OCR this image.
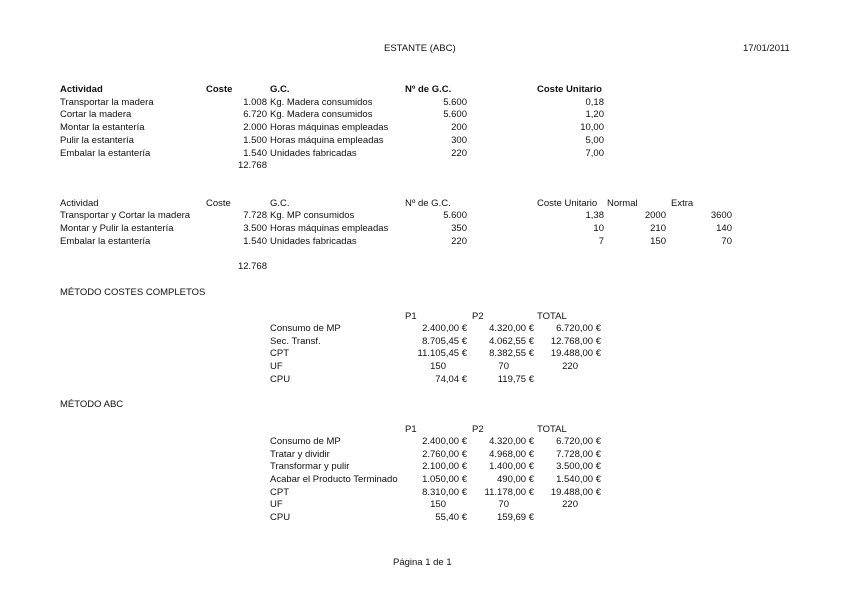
ESTANTE (ABC)	17/01/2011
Actividad	Coste	G.C.	Nº de G.C.	Coste Unitario
Transportar la madera	1.008 Kg. Madera consumidos	5.600	0,18
Cortar la madera	6.720 Kg. Madera consumidos	5.600	1,20
Montar la estantería	2.000 Horas máquinas empleadas	200	10,00
Pulir la estantería	1.500 Horas máquina empleadas	300	5,00
Embalar la estantería	1.540 Unidades fabricadas	220	7,00
12.768
Actividad	Coste	G.C.	Nº de G.C.	Coste Unitario Normal	Extra
Transportar y Cortar la madera	7.728 Kg. MP consumidos	5.600	1,38	2000	3600
Montar y Pulir la estantería	3.500 Horas máquinas empleadas	350	10	210	140
Embalar la estantería	1.540 Unidades fabricadas	220	7	150	70
12.768
MÉTODO COSTES COMPLETOS
P1	P2	TOTAL
Consumo de MP	2.400,00 €	4.320,00 €	6.720,00 €
Sec. Transf.	8.705,45 €	4.062,55 €	12.768,00 €
CPT	11.105,45 €	8.382,55 €	19.488,00 €
UF	150	70	220
CPU	74,04 €	119,75 €
MÉTODO ABC
P1	P2	TOTAL
Consumo de MP	2.400,00 €	4.320,00 €	6.720,00 €
Tratar y dividir	2.760,00 €	4.968,00 €	7.728,00 €
Transformar y pulir	2.100,00 €	1.400,00 €	3.500,00 €
Acabar el Producto Terminado	1.050,00 €	490,00 €	1.540,00 €
CPT	8.310,00 €	11.178,00 €	19.488,00 €
UF	150	70	220
CPU	55,40 €	159,69 €
Página 1 de 1
